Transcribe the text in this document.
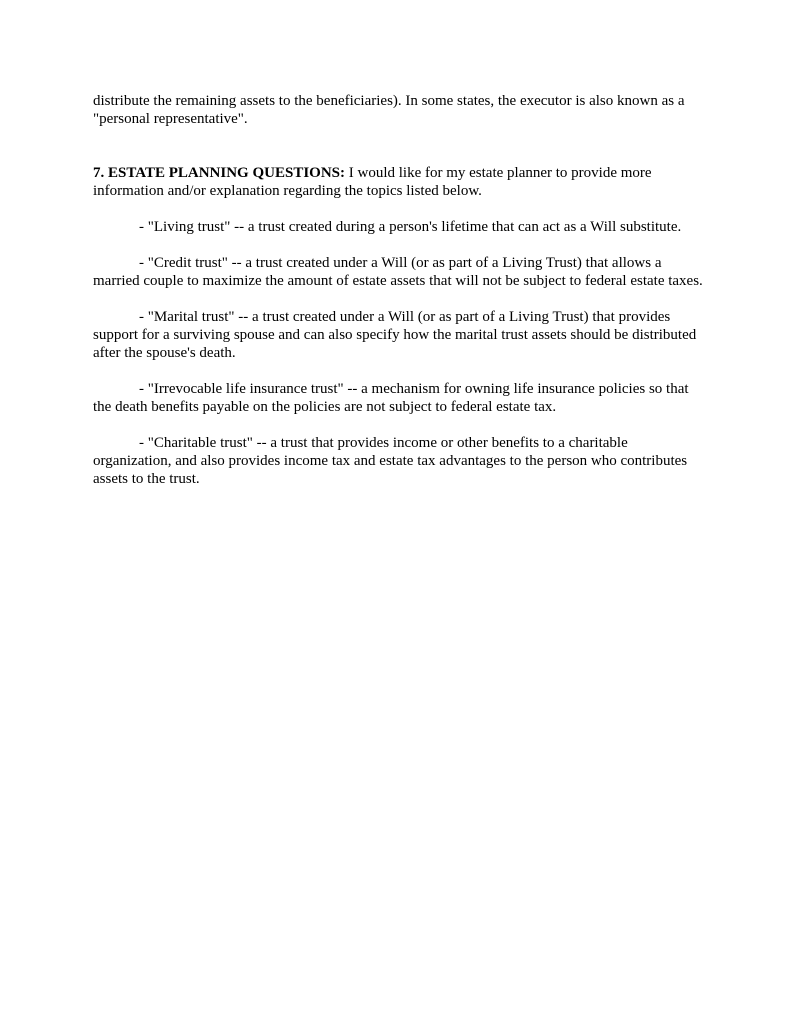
distribute the remaining assets to the beneficiaries). In some states, the executor is also known as a "personal representative".

7. ESTATE PLANNING QUESTIONS: I would like for my estate planner to provide more information and/or explanation regarding the topics listed below.

- "Living trust" -- a trust created during a person's lifetime that can act as a Will substitute.

- "Credit trust" -- a trust created under a Will (or as part of a Living Trust) that allows a married couple to maximize the amount of estate assets that will not be subject to federal estate taxes.

- "Marital trust" -- a trust created under a Will (or as part of a Living Trust) that provides support for a surviving spouse and can also specify how the marital trust assets should be distributed after the spouse's death.

- "Irrevocable life insurance trust" -- a mechanism for owning life insurance policies so that the death benefits payable on the policies are not subject to federal estate tax.

- "Charitable trust" -- a trust that provides income or other benefits to a charitable organization, and also provides income tax and estate tax advantages to the person who contributes assets to the trust.
